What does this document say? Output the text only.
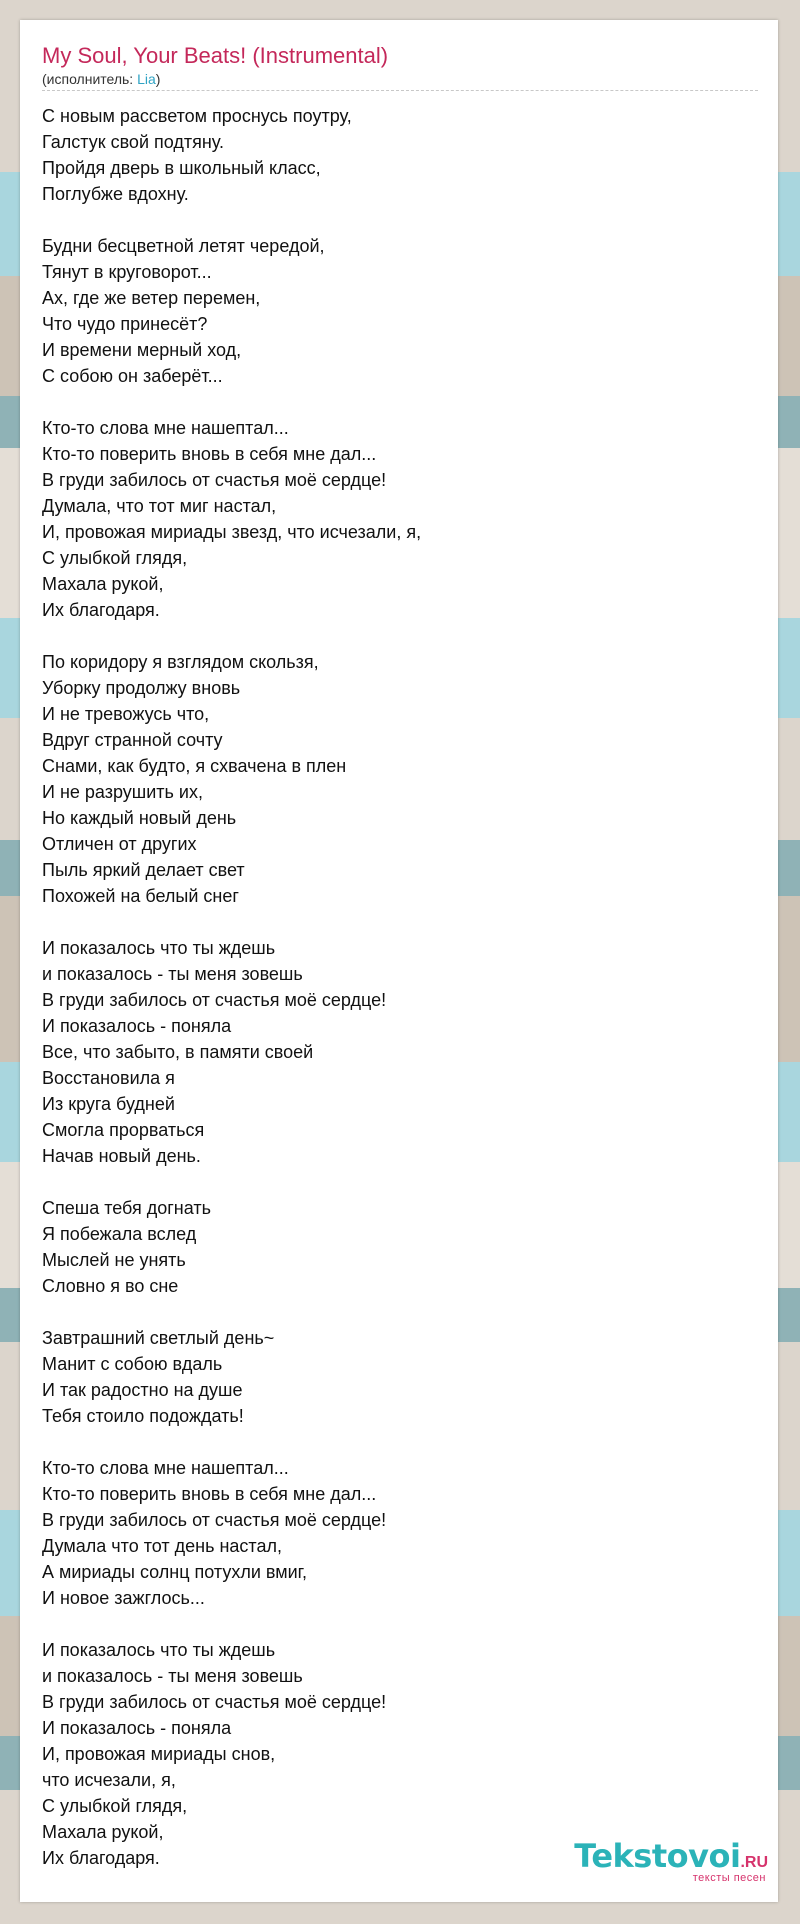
My Soul, Your Beats! (Instrumental)
(исполнитель: Lia)
С новым рассветом проснусь поутру,
Галстук свой подтяну.
Пройдя дверь в школьный класс,
Поглубже вдохну.
Будни бесцветной летят чередой,
Тянут в круговорот...
Ах, где же ветер перемен,
Что чудо принесёт?
И времени мерный ход,
С собою он заберёт...
Кто-то слова мне нашептал...
Кто-то поверить вновь в себя мне дал...
В груди забилось от счастья моё сердце!
Думала, что тот миг настал,
И, провожая мириады звезд, что исчезали, я,
С улыбкой глядя,
Махала рукой,
Их благодаря.
По коридору я взглядом скользя,
Уборку продолжу вновь
И не тревожусь что,
Вдруг странной сочту
Снами, как будто, я схвачена в плен
И не разрушить их,
Но каждый новый день
Отличен от других
Пыль яркий делает свет
Похожей на белый снег
И показалось что ты ждешь
и показалось - ты меня зовешь
В груди забилось от счастья моё сердце!
И показалось - поняла
Все, что забыто, в памяти своей
Восстановила я
Из круга будней
Смогла прорваться
Начав новый день.
Спеша тебя догнать
Я побежала вслед
Мыслей не унять
Словно я во сне
Завтрашний светлый день~
Манит с собою вдаль
И так радостно на душе
Тебя стоило подождать!
Кто-то слова мне нашептал...
Кто-то поверить вновь в себя мне дал...
В груди забилось от счастья моё сердце!
Думала что тот день настал,
А мириады солнц потухли вмиг,
И новое зажглось...
И показалось что ты ждешь
и показалось - ты меня зовешь
В груди забилось от счастья моё сердце!
И показалось - поняла
И, провожая мириады снов,
что исчезали, я,
С улыбкой глядя,
Махала рукой,
Их благодаря.	Tekstovoi.RU
тексты песен
